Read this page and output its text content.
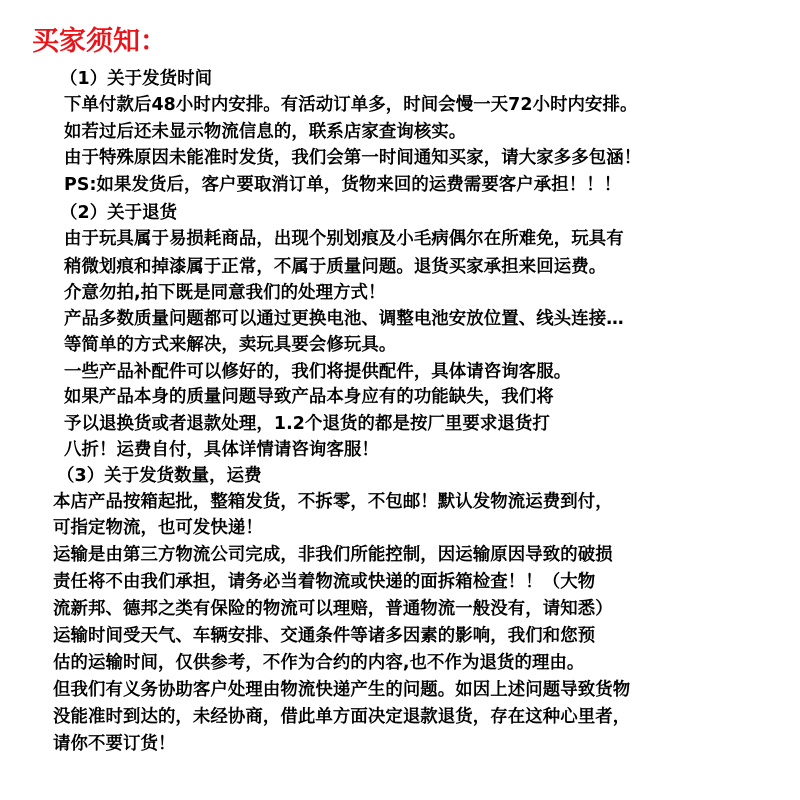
买家须知：
（1）关于发货时间
下单付款后48小时内安排。有活动订单多，时间会慢一天72小时内安排。
如若过后还未显示物流信息的，联系店家查询核实。
由于特殊原因未能准时发货，我们会第一时间通知买家，请大家多多包涵！
PS:如果发货后，客户要取消订单，货物来回的运费需要客户承担！！！
（2）关于退货
由于玩具属于易损耗商品，出现个别划痕及小毛病偶尔在所难免，玩具有
稍微划痕和掉漆属于正常，不属于质量问题。退货买家承担来回运费。
介意勿拍,拍下既是同意我们的处理方式！
产品多数质量问题都可以通过更换电池、调整电池安放位置、线头连接…
等简单的方式来解决，卖玩具要会修玩具。
一些产品补配件可以修好的，我们将提供配件，具体请咨询客服。
如果产品本身的质量问题导致产品本身应有的功能缺失，我们将
予以退换货或者退款处理，1.2个退货的都是按厂里要求退货打
八折！运费自付，具体详情请咨询客服！
（3）关于发货数量，运费
本店产品按箱起批，整箱发货，不拆零，不包邮！默认发物流运费到付，
可指定物流，也可发快递！
运输是由第三方物流公司完成，非我们所能控制，因运输原因导致的破损
责任将不由我们承担，请务必当着物流或快递的面拆箱检查！！（大物
流新邦、德邦之类有保险的物流可以理赔，普通物流一般没有，请知悉）
运输时间受天气、车辆安排、交通条件等诸多因素的影响，我们和您预
估的运输时间，仅供参考，不作为合约的内容,也不作为退货的理由。
但我们有义务协助客户处理由物流快递产生的问题。如因上述问题导致货物
没能准时到达的，未经协商，借此单方面决定退款退货，存在这种心里者，
请你不要订货！
